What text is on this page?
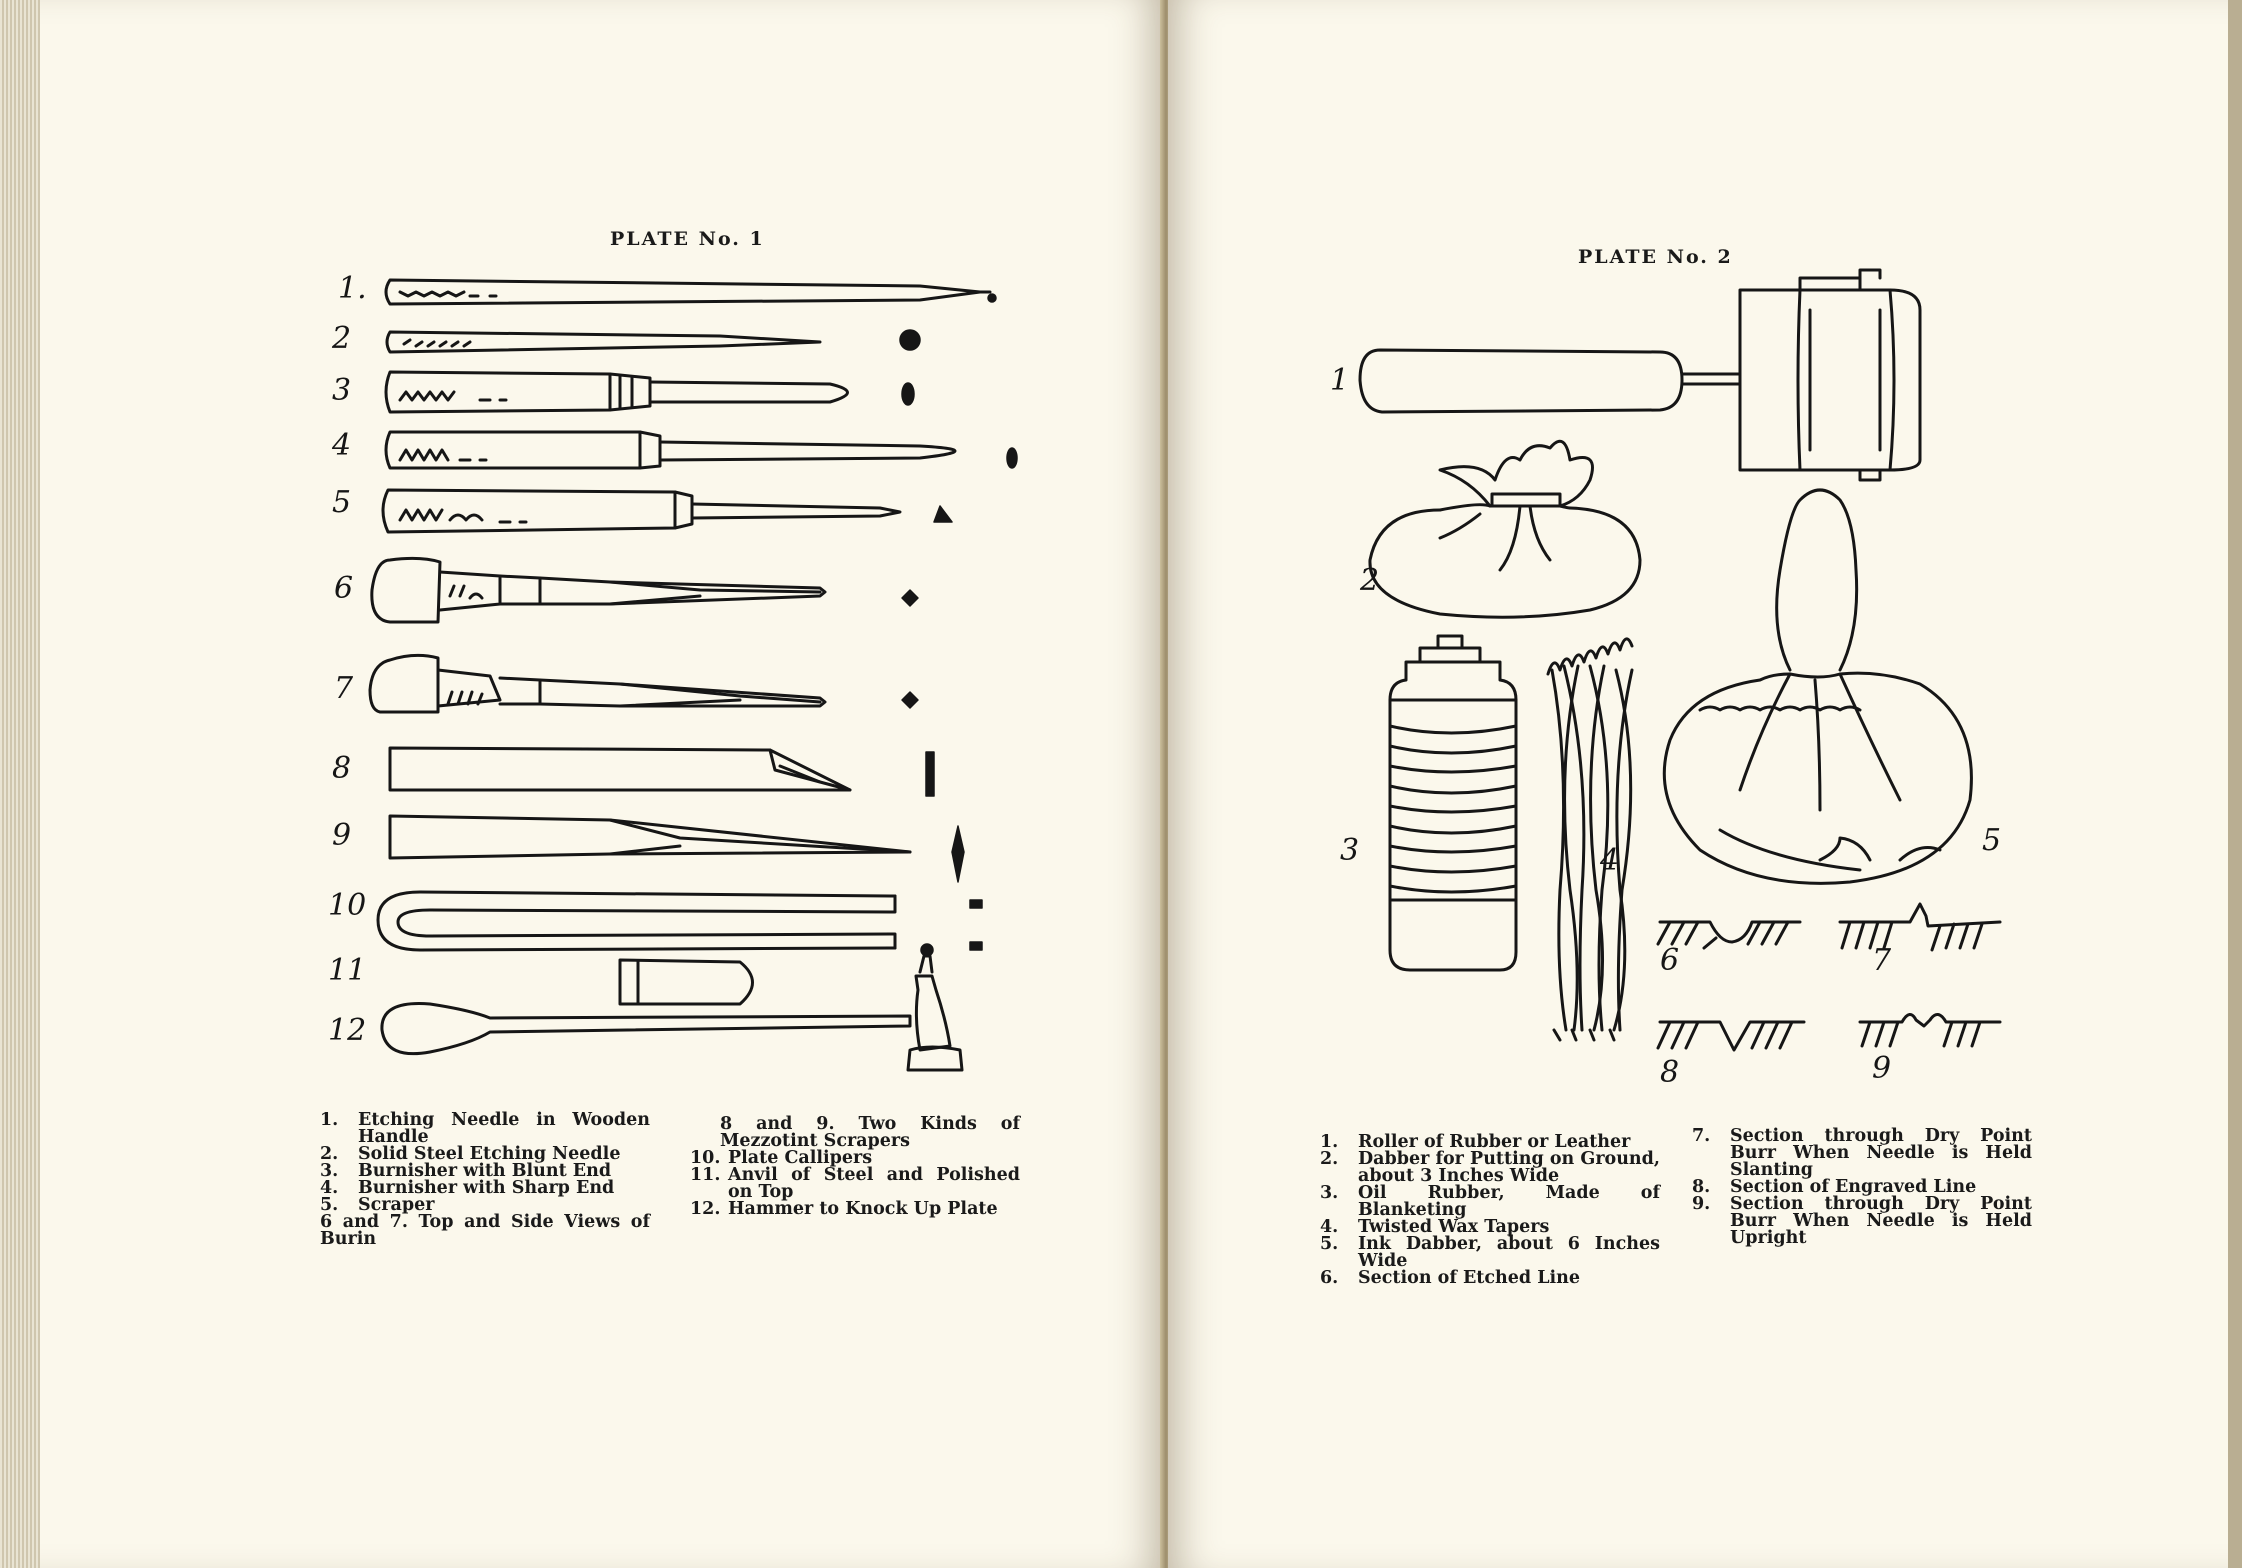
PLATE No. 1
1.
2
3
4
5
6
7
8
9
10
11
12
1.	Etching Needle in Wooden Handle
2.	Solid Steel Etching Needle
3.	Burnisher with Blunt End
4.	Burnisher with Sharp End
5.	Scraper
6 and 7. Top and Side Views of Burin
8 and 9. Two Kinds of Mezzotint Scrapers
10. Plate Callipers
11. Anvil of Steel and Polished on Top
12. Hammer to Knock Up Plate
PLATE No. 2
1
2
3	4
5
6	7
8	9
1.	Roller of Rubber or Leather
2.	Dabber for Putting on Ground, about 3 Inches Wide
3.	Oil Rubber, Made of Blanketing
4.	Twisted Wax Tapers
5.	Ink Dabber, about 6 Inches Wide
6.	Section of Etched Line
7.	Section through Dry Point Burr When Needle is Held Slanting
8.	Section of Engraved Line
9.	Section through Dry Point Burr When Needle is Held Upright
